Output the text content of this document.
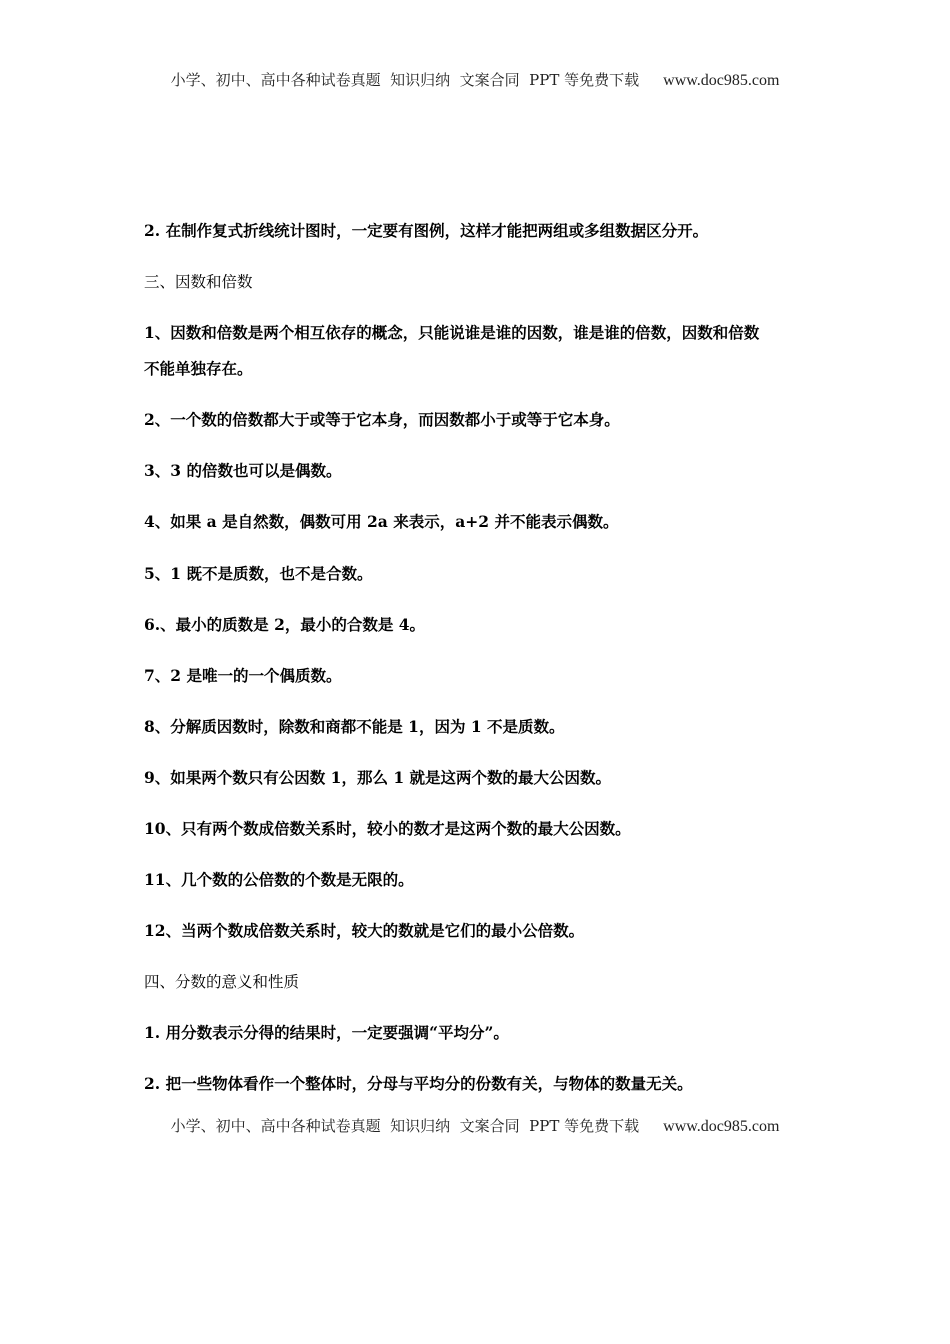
小学、初中、高中各种试卷真题  知识归纳  文案合同  PPT 等免费下载 www.doc985.com
2. 在制作复式折线统计图时，一定要有图例，这样才能把两组或多组数据区分开。
三、因数和倍数
1、因数和倍数是两个相互依存的概念，只能说谁是谁的因数，谁是谁的倍数，因数和倍数
不能单独存在。
2、一个数的倍数都大于或等于它本身，而因数都小于或等于它本身。
3、3 的倍数也可以是偶数。
4、如果 a 是自然数，偶数可用 2a 来表示，a+2 并不能表示偶数。
5、1 既不是质数，也不是合数。
6.、最小的质数是 2，最小的合数是 4。
7、2 是唯一的一个偶质数。
8、分解质因数时，除数和商都不能是 1，因为 1 不是质数。
9、如果两个数只有公因数 1，那么 1 就是这两个数的最大公因数。
10、只有两个数成倍数关系时，较小的数才是这两个数的最大公因数。
11、几个数的公倍数的个数是无限的。
12、当两个数成倍数关系时，较大的数就是它们的最小公倍数。
四、分数的意义和性质
1. 用分数表示分得的结果时，一定要强调“平均分”。
2. 把一些物体看作一个整体时，分母与平均分的份数有关，与物体的数量无关。
小学、初中、高中各种试卷真题  知识归纳  文案合同  PPT 等免费下载 www.doc985.com
